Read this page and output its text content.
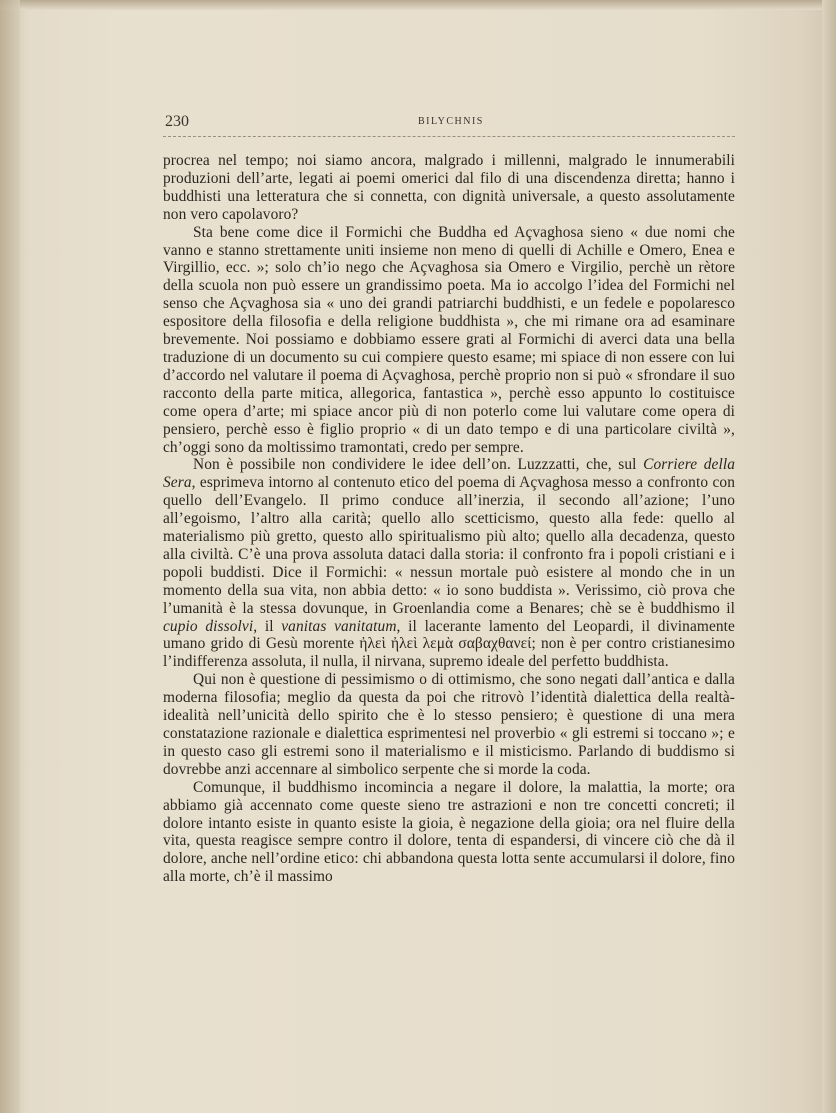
230	BILYCHNIS

procrea nel tempo; noi siamo ancora, malgrado i millenni, malgrado le innumerabili produzioni dell’arte, legati ai poemi omerici dal filo di una discendenza diretta; hanno i buddhisti una letteratura che si connetta, con dignità universale, a questo assolutamente non vero capolavoro?

Sta bene come dice il Formichi che Buddha ed Açvaghosa sieno « due nomi che vanno e stanno strettamente uniti insieme non meno di quelli di Achille e Omero, Enea e Virgillio, ecc. »; solo ch’io nego che Açvaghosa sia Omero e Virgilio, perchè un rètore della scuola non può essere un grandissimo poeta. Ma io accolgo l’idea del Formichi nel senso che Açvaghosa sia « uno dei grandi patriarchi buddhisti, e un fedele e popolaresco espositore della filosofia e della religione buddhista », che mi rimane ora ad esaminare brevemente. Noi possiamo e dobbiamo essere grati al Formichi di averci data una bella traduzione di un documento su cui compiere questo esame; mi spiace di non essere con lui d’accordo nel valutare il poema di Açvaghosa, perchè proprio non si può « sfrondare il suo racconto della parte mitica, allegorica, fantastica », perchè esso appunto lo costituisce come opera d’arte; mi spiace ancor più di non poterlo come lui valutare come opera di pensiero, perchè esso è figlio proprio « di un dato tempo e di una particolare civiltà », ch’oggi sono da moltissimo tramontati, credo per sempre.

Non è possibile non condividere le idee dell’on. Luzzzatti, che, sul Corriere della Sera, esprimeva intorno al contenuto etico del poema di Açvaghosa messo a confronto con quello dell’Evangelo. Il primo conduce all’inerzia, il secondo all’azione; l’uno all’egoismo, l’altro alla carità; quello allo scetticismo, questo alla fede: quello al materialismo più gretto, questo allo spiritualismo più alto; quello alla decadenza, questo alla civiltà. C’è una prova assoluta dataci dalla storia: il confronto fra i popoli cristiani e i popoli buddisti. Dice il Formichi: « nessun mortale può esistere al mondo che in un momento della sua vita, non abbia detto: « io sono buddista ». Verissimo, ciò prova che l’umanità è la stessa dovunque, in Groenlandia come a Benares; chè se è buddhismo il cupio dissolvi, il vanitas vanitatum, il lacerante lamento del Leopardi, il divinamente umano grido di Gesù morente ἠλεὶ ἠλεὶ λεμὰ σαβαχθανεί; non è per contro cristianesimo l’indifferenza assoluta, il nulla, il nirvana, supremo ideale del perfetto buddhista.

Qui non è questione di pessimismo o di ottimismo, che sono negati dall’antica e dalla moderna filosofia; meglio da questa da poi che ritrovò l’identità dialettica della realtà-idealità nell’unicità dello spirito che è lo stesso pensiero; è questione di una mera constatazione razionale e dialettica esprimentesi nel proverbio « gli estremi si toccano »; e in questo caso gli estremi sono il materialismo e il misticismo. Parlando di buddismo si dovrebbe anzi accennare al simbolico serpente che si morde la coda.

Comunque, il buddhismo incomincia a negare il dolore, la malattia, la morte; ora abbiamo già accennato come queste sieno tre astrazioni e non tre concetti concreti; il dolore intanto esiste in quanto esiste la gioia, è negazione della gioia; ora nel fluire della vita, questa reagisce sempre contro il dolore, tenta di espandersi, di vincere ciò che dà il dolore, anche nell’ordine etico: chi abbandona questa lotta sente accumularsi il dolore, fino alla morte, ch’è il massimo
